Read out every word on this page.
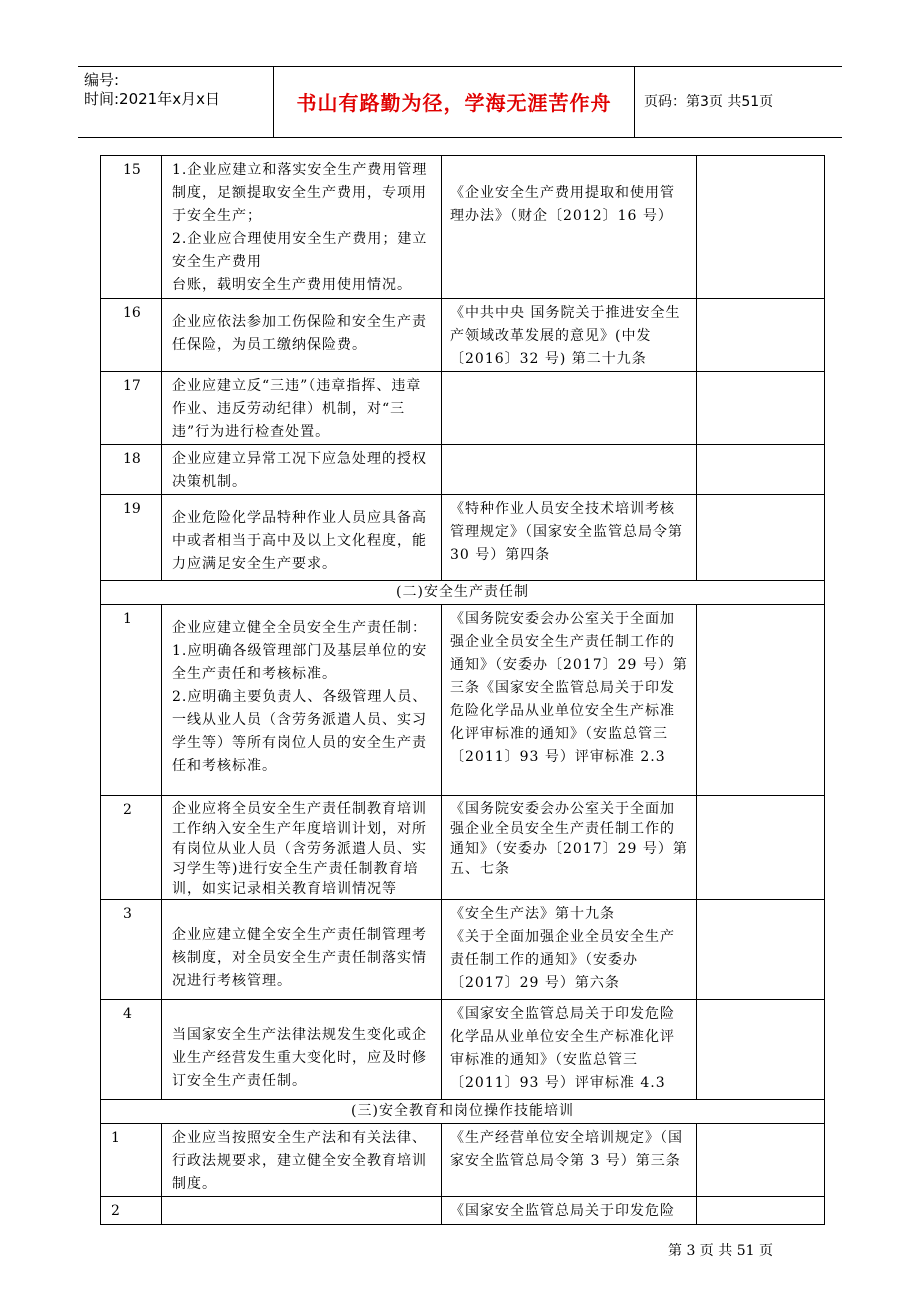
编号:
时间:2021年x月x日	书山有路勤为径，学海无涯苦作舟	页码：第3页 共51页
15	1.企业应建立和落实安全生产费用管理制度，足额提取安全生产费用，专项用于安全生产；
2.企业应合理使用安全生产费用；建立安全生产费用
台账，载明安全生产费用使用情况。	《企业安全生产费用提取和使用管理办法》（财企〔2012〕16 号）	

16	企业应依法参加工伤保险和安全生产责任保险，为员工缴纳保险费。	《中共中央 国务院关于推进安全生产领域改革发展的意见》(中发〔2016〕32 号) 第二十九条	

17	企业应建立反“三违”（违章指挥、违章作业、违反劳动纪律）机制，对“三违”行为进行检查处置。		

18	企业应建立异常工况下应急处理的授权决策机制。		

19	企业危险化学品特种作业人员应具备高中或者相当于高中及以上文化程度，能力应满足安全生产要求。	《特种作业人员安全技术培训考核管理规定》（国家安全监管总局令第 30 号）第四条	

(二)安全生产责任制			
1	企业应建立健全全员安全生产责任制：
1.应明确各级管理部门及基层单位的安全生产责任和考核标准。
2.应明确主要负责人、各级管理人员、一线从业人员（含劳务派遣人员、实习学生等）等所有岗位人员的安全生产责任和考核标准。	《国务院安委会办公室关于全面加强企业全员安全生产责任制工作的通知》（安委办〔2017〕29 号）第三条《国家安全监管总局关于印发危险化学品从业单位安全生产标准化评审标准的通知》（安监总管三〔2011〕93 号）评审标准 2.3	

2	企业应将全员安全生产责任制教育培训工作纳入安全生产年度培训计划，对所有岗位从业人员（含劳务派遣人员、实习学生等)进行安全生产责任制教育培训，如实记录相关教育培训情况等	《国务院安委会办公室关于全面加强企业全员安全生产责任制工作的通知》（安委办〔2017〕29 号）第五、七条	

3	企业应建立健全安全生产责任制管理考核制度，对全员安全生产责任制落实情况进行考核管理。	《安全生产法》第十九条
《关于全面加强企业全员安全生产责任制工作的通知》（安委办〔2017〕29 号）第六条	

4	当国家安全生产法律法规发生变化或企业生产经营发生重大变化时，应及时修订安全生产责任制。	《国家安全监管总局关于印发危险化学品从业单位安全生产标准化评审标准的通知》（安监总管三〔2011〕93 号）评审标准 4.3	

(三)安全教育和岗位操作技能培训			
1	企业应当按照安全生产法和有关法律、行政法规要求，建立健全安全教育培训制度。	《生产经营单位安全培训规定》（国家安全监管总局令第 3 号）第三条	

2		《国家安全监管总局关于印发危险	

第 3 页 共 51 页
